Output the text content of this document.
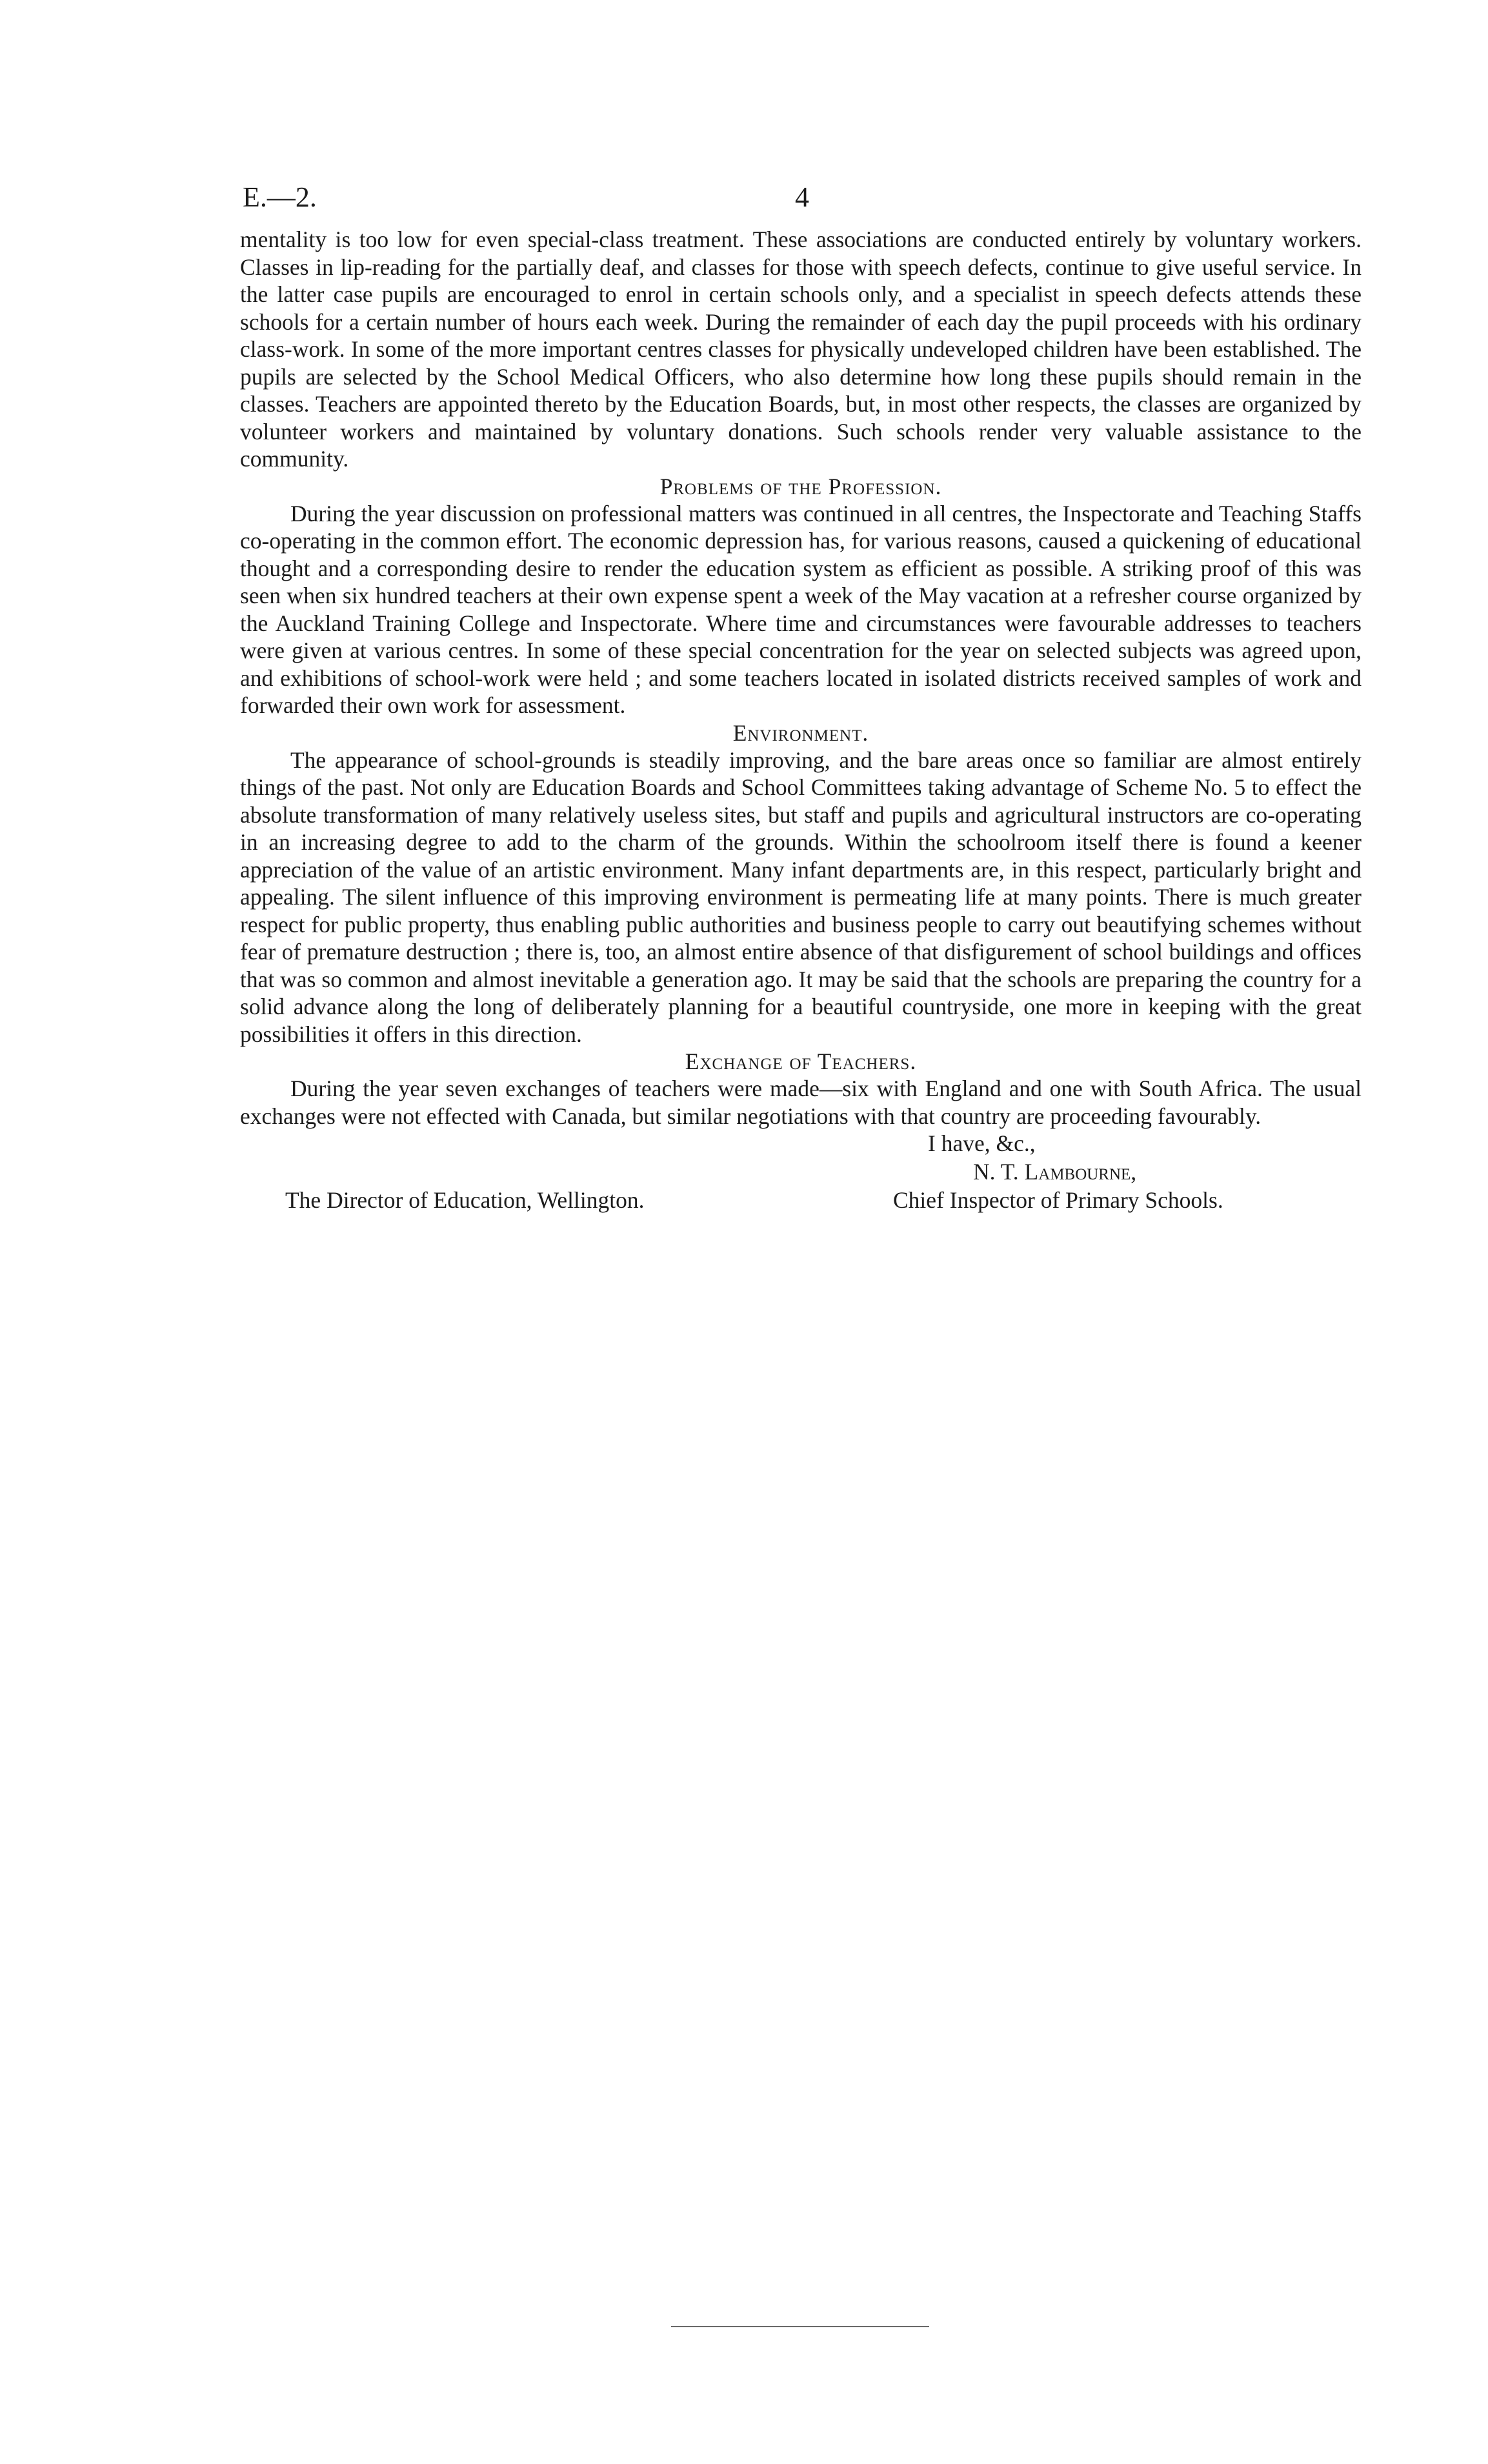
E.—2.	4

mentality is too low for even special-class treatment. These associations are conducted entirely by voluntary workers. Classes in lip-reading for the partially deaf, and classes for those with speech defects, continue to give useful service. In the latter case pupils are encouraged to enrol in certain schools only, and a specialist in speech defects attends these schools for a certain number of hours each week. During the remainder of each day the pupil proceeds with his ordinary class-work. In some of the more important centres classes for physically undeveloped children have been established. The pupils are selected by the School Medical Officers, who also determine how long these pupils should remain in the classes. Teachers are appointed thereto by the Education Boards, but, in most other respects, the classes are organized by volunteer workers and maintained by voluntary donations. Such schools render very valuable assistance to the community.

Problems of the Profession.

During the year discussion on professional matters was continued in all centres, the Inspectorate and Teaching Staffs co-operating in the common effort. The economic depression has, for various reasons, caused a quickening of educational thought and a corresponding desire to render the education system as efficient as possible. A striking proof of this was seen when six hundred teachers at their own expense spent a week of the May vacation at a refresher course organized by the Auckland Training College and Inspectorate. Where time and circumstances were favourable addresses to teachers were given at various centres. In some of these special concentration for the year on selected subjects was agreed upon, and exhibitions of school-work were held ; and some teachers located in isolated districts received samples of work and forwarded their own work for assessment.

Environment.

The appearance of school-grounds is steadily improving, and the bare areas once so familiar are almost entirely things of the past. Not only are Education Boards and School Committees taking advantage of Scheme No. 5 to effect the absolute transformation of many relatively useless sites, but staff and pupils and agricultural instructors are co-operating in an increasing degree to add to the charm of the grounds. Within the schoolroom itself there is found a keener appreciation of the value of an artistic environment. Many infant departments are, in this respect, particularly bright and appealing. The silent influence of this improving environment is permeating life at many points. There is much greater respect for public property, thus enabling public authorities and business people to carry out beautifying schemes without fear of premature destruction ; there is, too, an almost entire absence of that disfigurement of school buildings and offices that was so common and almost inevitable a generation ago. It may be said that the schools are preparing the country for a solid advance along the long of deliberately planning for a beautiful countryside, one more in keeping with the great possibilities it offers in this direction.

Exchange of Teachers.

During the year seven exchanges of teachers were made—six with England and one with South Africa. The usual exchanges were not effected with Canada, but similar negotiations with that country are proceeding favourably.

I have, &c.,
N. T. Lambourne,
The Director of Education, Wellington.	Chief Inspector of Primary Schools.
